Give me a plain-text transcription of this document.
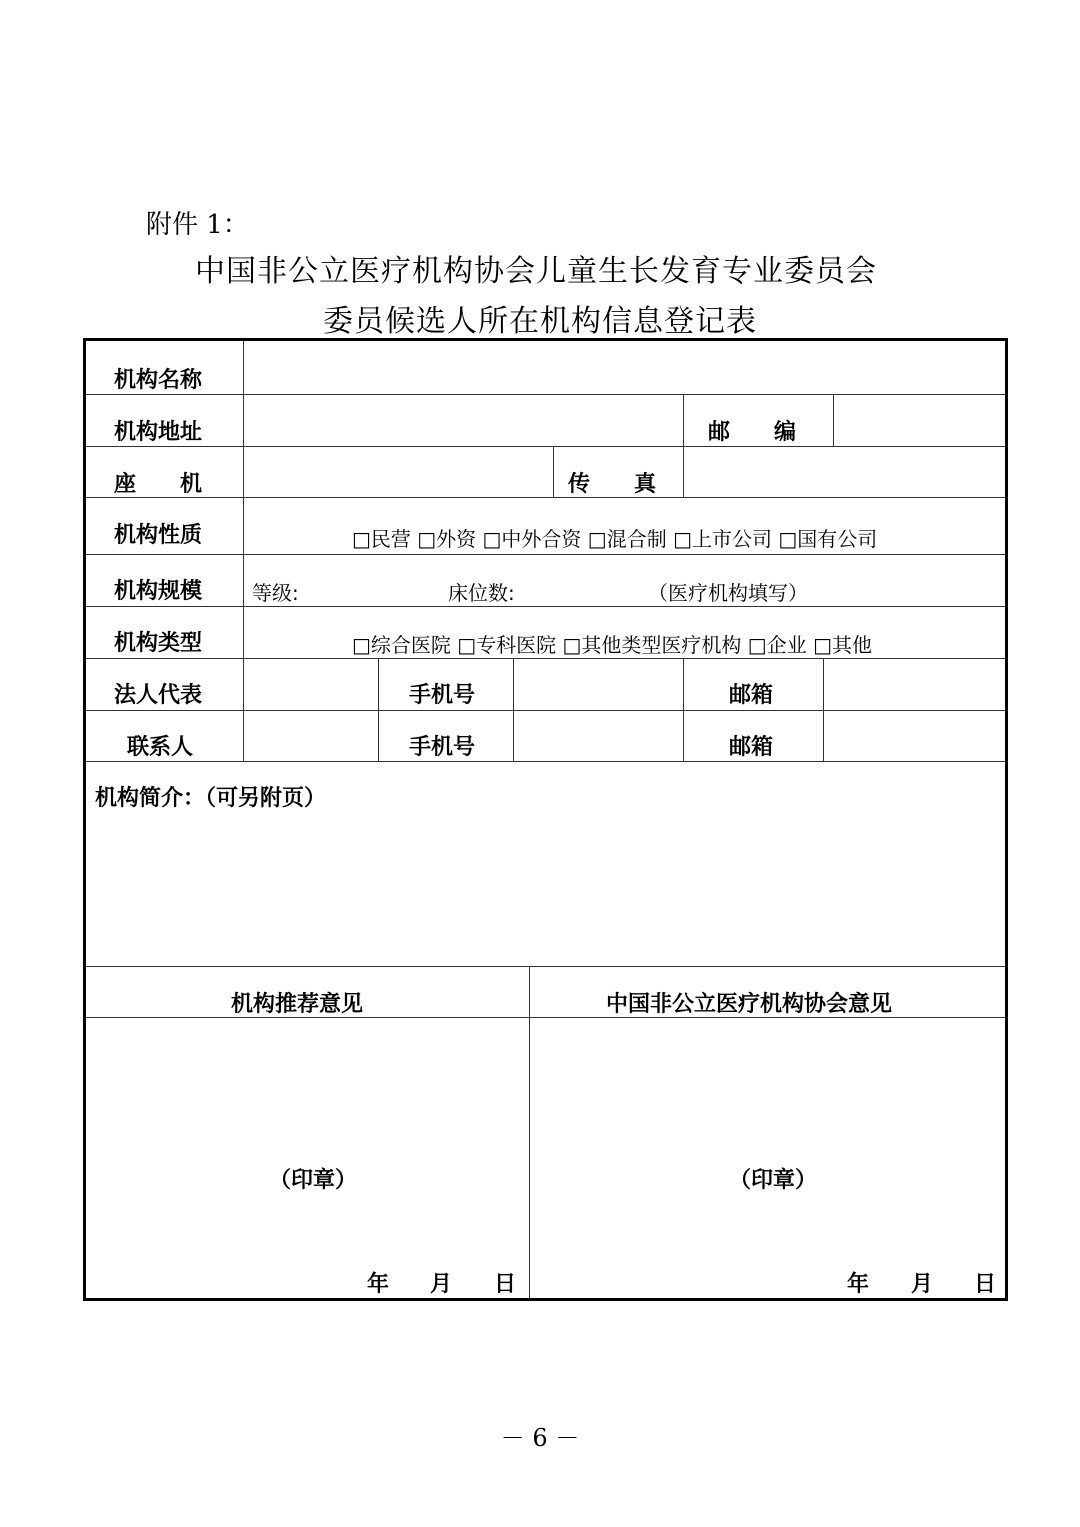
附件 1：
中国非公立医疗机构协会儿童生长发育专业委员会
委员候选人所在机构信息登记表
机构名称
机构地址	邮　　编
座　　机	传　　真
机构性质	□民营 □外资 □中外合资 □混合制 □上市公司 □国有公司
机构规模 等级:	床位数:	（医疗机构填写）
机构类型	□综合医院 □专科医院 □其他类型医疗机构 □企业 □其他
法人代表	手机号	邮箱
联系人	手机号	邮箱
机构简介：（可另附页）
机构推荐意见	中国非公立医疗机构协会意见
（印章）	（印章）
年 月 日	年 月 日
－ 6 －
